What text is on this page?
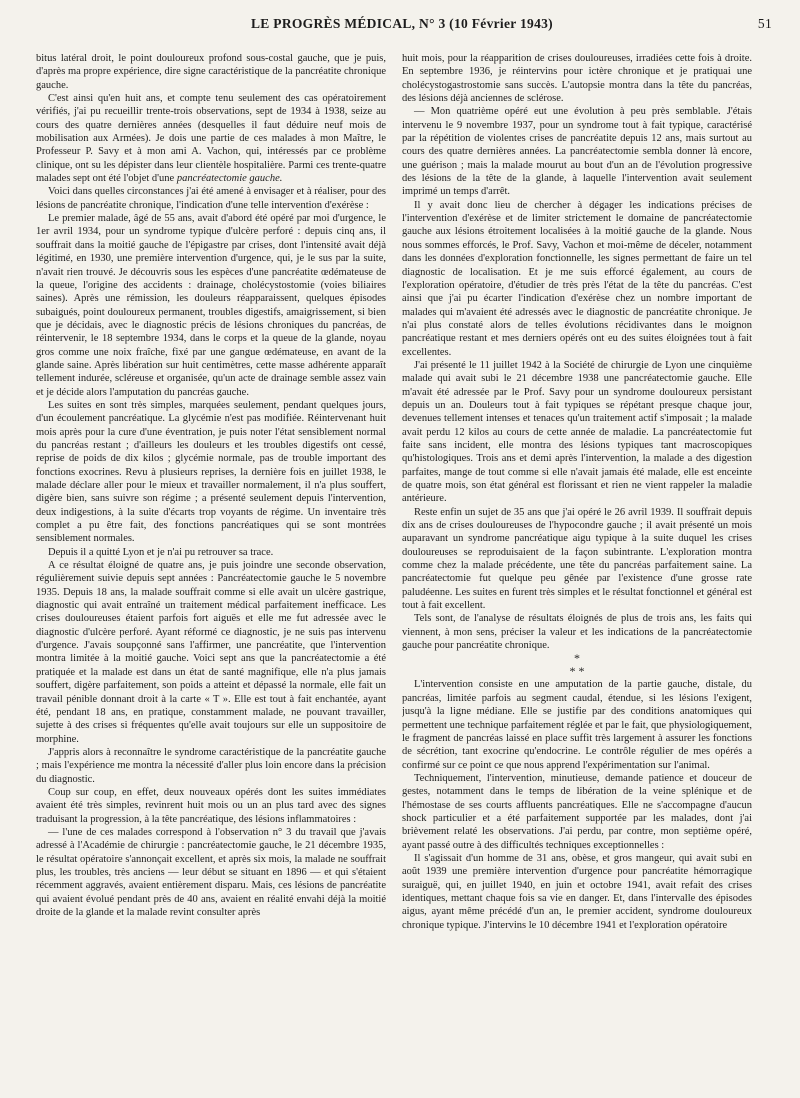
LE PROGRÈS MÉDICAL, N° 3 (10 Février 1943)	51

bitus latéral droit, le point douloureux profond sous-costal gauche, que je puis, d'après ma propre expérience, dire signe caractéristique de la pancréatite chronique gauche.

C'est ainsi qu'en huit ans, et compte tenu seulement des cas opératoirement vérifiés, j'ai pu recueillir trente-trois observations, sept de 1934 à 1938, seize au cours des quatre dernières années (desquelles il faut déduire neuf mois de mobilisation aux Armées). Je dois une partie de ces malades à mon Maître, le Professeur P. Savy et à mon ami A. Vachon, qui, intéressés par ce problème clinique, ont su les dépister dans leur clientèle hospitalière. Parmi ces trente-quatre malades sept ont été l'objet d'une pancréatectomie gauche.

Voici dans quelles circonstances j'ai été amené à envisager et à réaliser, pour des lésions de pancréatite chronique, l'indication d'une telle intervention d'exérèse :

Le premier malade, âgé de 55 ans, avait d'abord été opéré par moi d'urgence, le 1er avril 1934, pour un syndrome typique d'ulcère perforé : depuis cinq ans, il souffrait dans la moitié gauche de l'épigastre par crises, dont l'intensité avait déjà légitimé, en 1930, une première intervention d'urgence, qui, je le sus par la suite, n'avait rien trouvé. Je découvris sous les espèces d'une pancréatite œdémateuse de la queue, l'origine des accidents : drainage, cholécystostomie (voies biliaires saines). Après une rémission, les douleurs réapparaissent, quelques épisodes subaigués, point douloureux permanent, troubles digestifs, amaigrissement, si bien que je décidais, avec le diagnostic précis de lésions chroniques du pancréas, de réintervenir, le 18 septembre 1934, dans le corps et la queue de la glande, noyau gros comme une noix fraîche, fixé par une gangue œdémateuse, en avant de la glande saine. Après libération sur huit centimètres, cette masse adhérente apparaît tellement indurée, scléreuse et organisée, qu'un acte de drainage semble assez vain et je décide alors l'amputation du pancréas gauche.

Les suites en sont très simples, marquées seulement, pendant quelques jours, d'un écoulement pancréatique. La glycémie n'est pas modifiée. Réintervenant huit mois après pour la cure d'une éventration, je puis noter l'état sensiblement normal du pancréas restant ; d'ailleurs les douleurs et les troubles digestifs ont cessé, reprise de poids de dix kilos ; glycémie normale, pas de trouble important des fonctions exocrines. Revu à plusieurs reprises, la dernière fois en juillet 1938, le malade déclare aller pour le mieux et travailler normalement, il n'a plus souffert, digère bien, sans suivre son régime ; a présenté seulement depuis l'intervention, deux indigestions, à la suite d'écarts trop voyants de régime. Un inventaire très complet a pu être fait, des fonctions pancréatiques qui se sont montrées sensiblement normales.

Depuis il a quitté Lyon et je n'ai pu retrouver sa trace.

A ce résultat éloigné de quatre ans, je puis joindre une seconde observation, régulièrement suivie depuis sept années : Pancréatectomie gauche le 5 novembre 1935. Depuis 18 ans, la malade souffrait comme si elle avait un ulcère gastrique, diagnostic qui avait entraîné un traitement médical parfaitement inefficace. Les crises douloureuses étaient parfois fort aiguës et elle me fut adressée avec le diagnostic d'ulcère perforé. Ayant réformé ce diagnostic, je ne suis pas intervenu d'urgence. J'avais soupçonné sans l'affirmer, une pancréatite, que l'intervention montra limitée à la moitié gauche. Voici sept ans que la pancréatectomie a été pratiquée et la malade est dans un état de santé magnifique, elle n'a plus jamais souffert, digère parfaitement, son poids a atteint et dépassé la normale, elle fait un travail pénible donnant droit à la carte « T ». Elle est tout à fait enchantée, ayant été, pendant 18 ans, en pratique, constamment malade, ne pouvant travailler, sujette à des crises si fréquentes qu'elle avait toujours sur elle un suppositoire de morphine.

J'appris alors à reconnaître le syndrome caractéristique de la pancréatite gauche ; mais l'expérience me montra la nécessité d'aller plus loin encore dans la précision du diagnostic.

Coup sur coup, en effet, deux nouveaux opérés dont les suites immédiates avaient été très simples, revinrent huit mois ou un an plus tard avec des signes traduisant la progression, à la tête pancréatique, des lésions inflammatoires :

— l'une de ces malades correspond à l'observation n° 3 du travail que j'avais adressé à l'Académie de chirurgie : pancréatectomie gauche, le 21 décembre 1935, le résultat opératoire s'annonçait excellent, et après six mois, la malade ne souffrait plus, les troubles, très anciens — leur début se situant en 1896 — et qui s'étaient récemment aggravés, avaient entièrement disparu. Mais, ces lésions de pancréatite qui avaient évolué pendant près de 40 ans, avaient en réalité envahi déjà la moitié droite de la glande et la malade revint consulter après

huit mois, pour la réapparition de crises douloureuses, irradiées cette fois à droite. En septembre 1936, je réintervins pour ictère chronique et je pratiquai une cholécystogastrostomie sans succès. L'autopsie montra dans la tête du pancréas, des lésions déjà anciennes de sclérose.

— Mon quatrième opéré eut une évolution à peu près semblable. J'étais intervenu le 9 novembre 1937, pour un syndrome tout à fait typique, caractérisé par la répétition de violentes crises de pancréatite depuis 12 ans, mais surtout au cours des quatre dernières années. La pancréatectomie sembla donner là encore, une guérison ; mais la malade mourut au bout d'un an de l'évolution progressive des lésions de la tête de la glande, à laquelle l'intervention avait seulement imprimé un temps d'arrêt.

Il y avait donc lieu de chercher à dégager les indications précises de l'intervention d'exérèse et de limiter strictement le domaine de pancréatectomie gauche aux lésions étroitement localisées à la moitié gauche de la glande. Nous nous sommes efforcés, le Prof. Savy, Vachon et moi-même de déceler, notamment dans les données d'exploration fonctionnelle, les signes permettant de faire un tel diagnostic de localisation. Et je me suis efforcé également, au cours de l'exploration opératoire, d'étudier de très près l'état de la tête du pancréas. C'est ainsi que j'ai pu écarter l'indication d'exérèse chez un nombre important de malades qui m'avaient été adressés avec le diagnostic de pancréatite chronique. Je n'ai plus constaté alors de telles évolutions récidivantes dans le moignon pancréatique restant et mes derniers opérés ont eu des suites éloignées tout à fait excellentes.

J'ai présenté le 11 juillet 1942 à la Société de chirurgie de Lyon une cinquième malade qui avait subi le 21 décembre 1938 une pancréatectomie gauche. Elle m'avait été adressée par le Prof. Savy pour un syndrome douloureux persistant depuis un an. Douleurs tout à fait typiques se répétant presque chaque jour, devenues tellement intenses et tenaces qu'un traitement actif s'imposait ; la malade avait perdu 12 kilos au cours de cette année de maladie. La pancréatectomie fut faite sans incident, elle montra des lésions typiques tant macroscopiques qu'histologiques. Trois ans et demi après l'intervention, la malade a des digestion parfaites, mange de tout comme si elle n'avait jamais été malade, elle est enceinte de quatre mois, son état général est florissant et rien ne vient rappeler la maladie antérieure.

Reste enfin un sujet de 35 ans que j'ai opéré le 26 avril 1939. Il souffrait depuis dix ans de crises douloureuses de l'hypocondre gauche ; il avait présenté un mois auparavant un syndrome pancréatique aigu typique à la suite duquel les crises douloureuses se reproduisaient de la façon subintrante. L'exploration montra comme chez la malade précédente, une tête du pancréas parfaitement saine. La pancréatectomie fut quelque peu gênée par l'existence d'une grosse rate paludéenne. Les suites en furent très simples et le résultat fonctionnel et général est tout à fait excellent.

Tels sont, de l'analyse de résultats éloignés de plus de trois ans, les faits qui viennent, à mon sens, préciser la valeur et les indications de la pancréatectomie gauche pour pancréatite chronique.

*
* *

L'intervention consiste en une amputation de la partie gauche, distale, du pancréas, limitée parfois au segment caudal, étendue, si les lésions l'exigent, jusqu'à la ligne médiane. Elle se justifie par des conditions anatomiques qui permettent une technique parfaitement réglée et par le fait, que physiologiquement, le fragment de pancréas laissé en place suffit très largement à assurer les fonctions de sécrétion, tant exocrine qu'endocrine. Le contrôle régulier de mes opérés a confirmé sur ce point ce que nous apprend l'expérimentation sur l'animal.

Techniquement, l'intervention, minutieuse, demande patience et douceur de gestes, notamment dans le temps de libération de la veine splénique et de l'hémostase de ses courts affluents pancréatiques. Elle ne s'accompagne d'aucun shock particulier et a été parfaitement supportée par les malades, dont j'ai brièvement relaté les observations. J'ai perdu, par contre, mon septième opéré, ayant passé outre à des difficultés techniques exceptionnelles :

Il s'agissait d'un homme de 31 ans, obèse, et gros mangeur, qui avait subi en août 1939 une première intervention d'urgence pour pancréatite hémorragique suraiguë, qui, en juillet 1940, en juin et octobre 1941, avait refait des crises identiques, mettant chaque fois sa vie en danger. Et, dans l'intervalle des épisodes aigus, ayant même précédé d'un an, le premier accident, syndrome douloureux chronique typique. J'intervins le 10 décembre 1941 et l'exploration opératoire
